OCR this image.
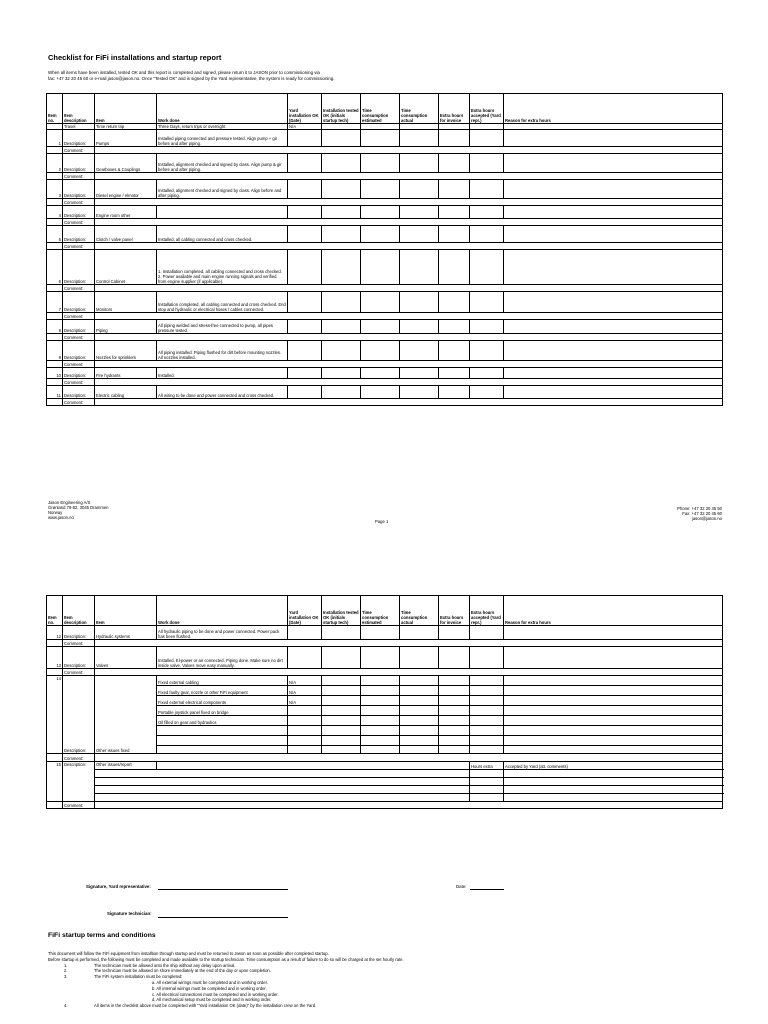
Checklist for FiFi installations and startup report
When all items have been installed, tested OK and this report is completed and signed, please return it to JASON prior to commissioning via
fax: +47 32 20 45 60 or e-mail jason@jason.no. Once "Tested OK" and is signed by the Yard representative, the system is ready for commissioning.
Item no.	Item description	Item	Work done	Yard installation OK (Date)	Installation tested OK (initials startup tech)	Time consumption estimated	Time consumption actual	Extra hours for invoice	Extra hours accepted (Yard repr.)	Reason for extra hours
	Travel	Time return trip	Three Days, return trips or overnight	N/A						
1	Description:	Pumps	Installed piping connected and pressure tested. Align pump + gir before and after piping.							
	Comment:									
2	Description:	Gearboxes & Couplings	Installed, alignment checked and signed by class. Align pump & gir before and after piping.							
	Comment:									
3	Description:	Diesel engine / elmotor	Installed, alignment checked and signed by class. Align before and after piping.							
	Comment:									
4	Description:	Engine room other								
	Comment:									
5	Description:	Clutch / valve panel	Installed, all cabling connected and cross checked.							
	Comment:									
6	Description:	Control Cabinet	1. Installation completed, all cabling connected and cross checked. 2. Power available and main engine running signals and verified from engine supplier (if applicable).							
	Comment:									
7	Description:	Monitors	Installation completed, all cabling connected and cross checked. End stop and hydraulic or electrical hoses / cables connected.							
	Comment:									
8	Description:	Piping	All piping welded and stress-free connected to pump, all pipes pressure tested.							
	Comment:									
9	Description:	Nozzles for sprinklers	All piping installed. Piping flushed for dirt before mounting nozzles. All nozzles installed.							
	Comment:									
10	Description:	Fire hydrants	Installed.							
	Comment:									
11	Description:	Electric cabling	All wiring to be done and power connected and cross checked.							
	Comment:									
Jason Engineering A/S
Grønland 76-82, 3045 Drammen
Norway
www.jason.no
Page 1
Phone: +47 32 20 45 50
Fax: +47 32 20 45 60
jason@jason.no
Item no.	Item description	Item	Work done	Yard installation OK (Date)	Installation tested OK (initials startup tech)	Time consumption estimated	Time consumption actual	Extra hours for invoice	Extra hours accepted (Yard repr.)	Reason for extra hours
12	Description:	Hydraulic systems	All hydraulic piping to be done and power connected. Power pack has been flushed.							
	Comment:									
13	Description:	Valves	Installed. El-power or air connected. Piping done. Make sure no dirt inside valve. Valves move easy manually.							
	Comment:									
14	Description:	Other issues fixed	Fixed external cabling	N/A						
			Fixed faulty gear, nozzle or other FiFi equipment	N/A						
			Fixed external electrical components	N/A						
			Portable joystick panel fixed on bridge							
			Oil filled on gear and hydraulics							

	Comment:									
15	Description:	Other issues/report							Hours extra	Accepted by Yard (att. comments)

	Comment:									
Signature, Yard representative:	Date:
Signature technician:
FiFi startup terms and conditions
This document will follow the FiFi equipment from installtion through startup and must be returned to Jason as soon as possible after completed startup.
Before startup is performed, the following must be completed and made available to the startup technician. Time consumption as a result of failure to do so will be charged at the set hourly rate.
1.	The technician must be allowed onto the ship without any delay upon arrival.
2.	The technician must be allowed on shore immediately at the end of the day or upon completion.
3.	The FiFi system installation must be completed:
a. All external wirings must be completed and in working order.
b. All internal wirings must be completed and in working order.
c. All electrical connections must be completed and in working order.
d. All mechanical setup must be completed and in working order.
4.	All items in the checklist above must be completed with "Yard installation OK (date)" by the installation crew on the Yard.
